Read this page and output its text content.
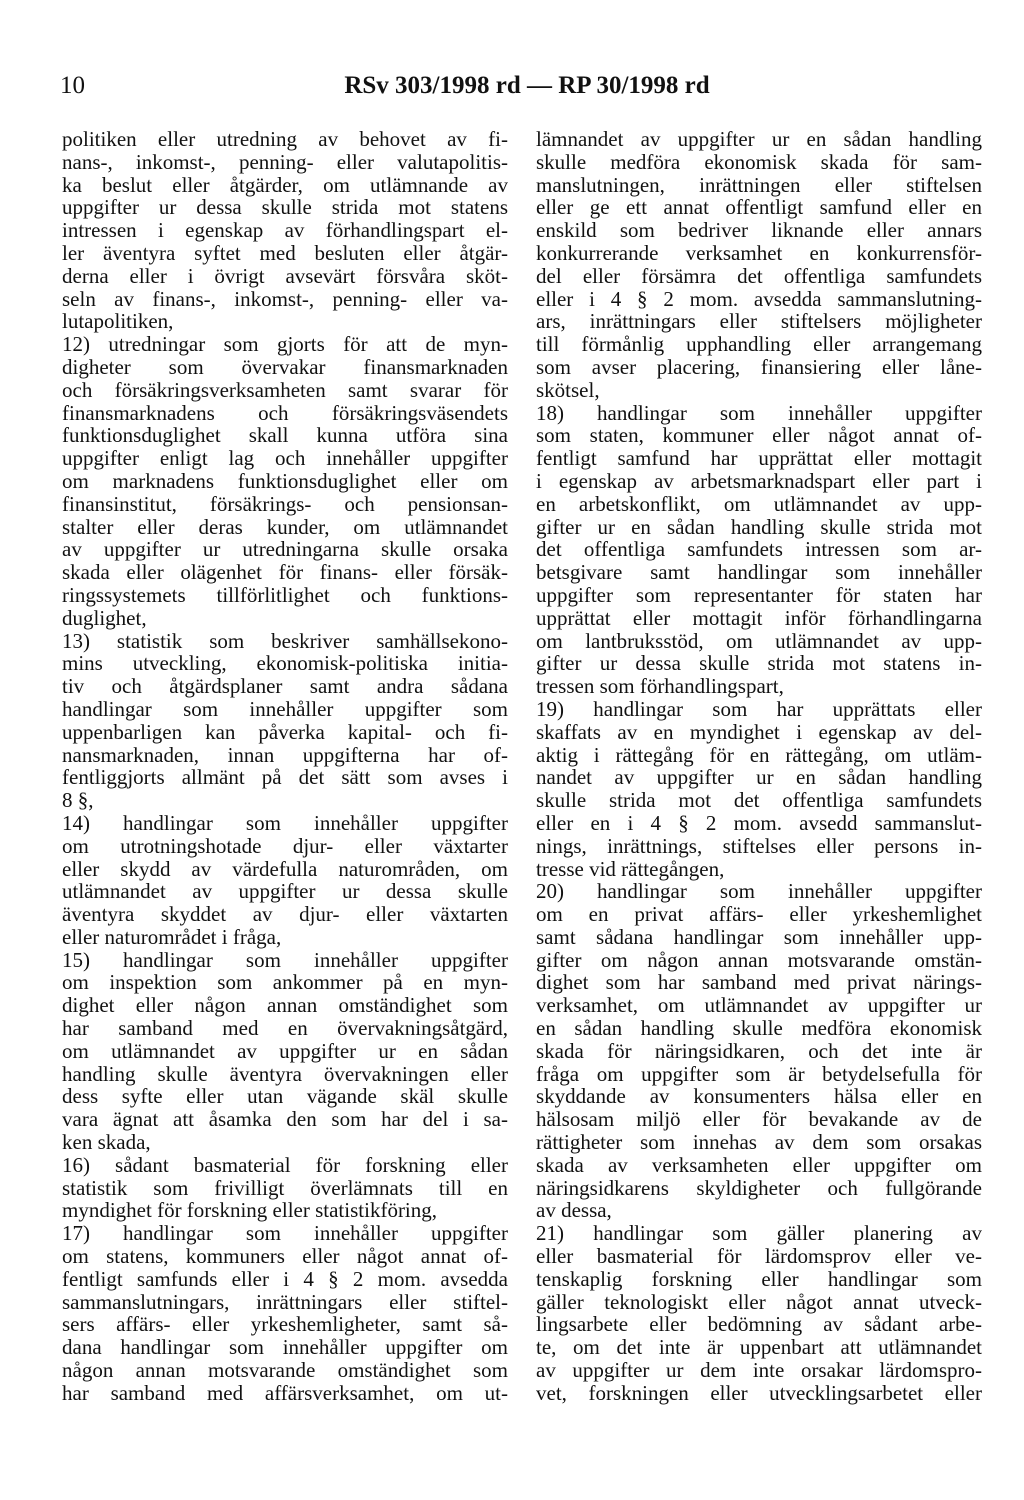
10	RSv 303/1998 rd — RP 30/1998 rd
politiken eller utredning av behovet av fi-
nans-, inkomst-, penning- eller valutapolitis-
ka beslut eller åtgärder, om utlämnande av
uppgifter ur dessa skulle strida mot statens
intressen i egenskap av förhandlingspart el-
ler äventyra syftet med besluten eller åtgär-
derna eller i övrigt avsevärt försvåra sköt-
seln av finans-, inkomst-, penning- eller va-
lutapolitiken,
12) utredningar som gjorts för att de myn-
digheter som övervakar finansmarknaden
och försäkringsverksamheten samt svarar för
finansmarknadens och försäkringsväsendets
funktionsduglighet skall kunna utföra sina
uppgifter enligt lag och innehåller uppgifter
om marknadens funktionsduglighet eller om
finansinstitut, försäkrings- och pensionsan-
stalter eller deras kunder, om utlämnandet
av uppgifter ur utredningarna skulle orsaka
skada eller olägenhet för finans- eller försäk-
ringssystemets tillförlitlighet och funktions-
duglighet,
13) statistik som beskriver samhällsekono-
mins utveckling, ekonomisk-politiska initia-
tiv och åtgärdsplaner samt andra sådana
handlingar som innehåller uppgifter som
uppenbarligen kan påverka kapital- och fi-
nansmarknaden, innan uppgifterna har of-
fentliggjorts allmänt på det sätt som avses i
8 §,
14) handlingar som innehåller uppgifter
om utrotningshotade djur- eller växtarter
eller skydd av värdefulla naturområden, om
utlämnandet av uppgifter ur dessa skulle
äventyra skyddet av djur- eller växtarten
eller naturområdet i fråga,
15) handlingar som innehåller uppgifter
om inspektion som ankommer på en myn-
dighet eller någon annan omständighet som
har samband med en övervakningsåtgärd,
om utlämnandet av uppgifter ur en sådan
handling skulle äventyra övervakningen eller
dess syfte eller utan vägande skäl skulle
vara ägnat att åsamka den som har del i sa-
ken skada,
16) sådant basmaterial för forskning eller
statistik som frivilligt överlämnats till en
myndighet för forskning eller statistikföring,
17) handlingar som innehåller uppgifter
om statens, kommuners eller något annat of-
fentligt samfunds eller i 4 § 2 mom. avsedda
sammanslutningars, inrättningars eller stiftel-
sers affärs- eller yrkeshemligheter, samt så-
dana handlingar som innehåller uppgifter om
någon annan motsvarande omständighet som
har samband med affärsverksamhet, om ut-
lämnandet av uppgifter ur en sådan handling
skulle medföra ekonomisk skada för sam-
manslutningen, inrättningen eller stiftelsen
eller ge ett annat offentligt samfund eller en
enskild som bedriver liknande eller annars
konkurrerande verksamhet en konkurrensför-
del eller försämra det offentliga samfundets
eller i 4 § 2 mom. avsedda sammanslutning-
ars, inrättningars eller stiftelsers möjligheter
till förmånlig upphandling eller arrangemang
som avser placering, finansiering eller låne-
skötsel,
18) handlingar som innehåller uppgifter
som staten, kommuner eller något annat of-
fentligt samfund har upprättat eller mottagit
i egenskap av arbetsmarknadspart eller part i
en arbetskonflikt, om utlämnandet av upp-
gifter ur en sådan handling skulle strida mot
det offentliga samfundets intressen som ar-
betsgivare samt handlingar som innehåller
uppgifter som representanter för staten har
upprättat eller mottagit inför förhandlingarna
om lantbruksstöd, om utlämnandet av upp-
gifter ur dessa skulle strida mot statens in-
tressen som förhandlingspart,
19) handlingar som har upprättats eller
skaffats av en myndighet i egenskap av del-
aktig i rättegång för en rättegång, om utläm-
nandet av uppgifter ur en sådan handling
skulle strida mot det offentliga samfundets
eller en i 4 § 2 mom. avsedd sammanslut-
nings, inrättnings, stiftelses eller persons in-
tresse vid rättegången,
20) handlingar som innehåller uppgifter
om en privat affärs- eller yrkeshemlighet
samt sådana handlingar som innehåller upp-
gifter om någon annan motsvarande omstän-
dighet som har samband med privat närings-
verksamhet, om utlämnandet av uppgifter ur
en sådan handling skulle medföra ekonomisk
skada för näringsidkaren, och det inte är
fråga om uppgifter som är betydelsefulla för
skyddande av konsumenters hälsa eller en
hälsosam miljö eller för bevakande av de
rättigheter som innehas av dem som orsakas
skada av verksamheten eller uppgifter om
näringsidkarens skyldigheter och fullgörande
av dessa,
21) handlingar som gäller planering av
eller basmaterial för lärdomsprov eller ve-
tenskaplig forskning eller handlingar som
gäller teknologiskt eller något annat utveck-
lingsarbete eller bedömning av sådant arbe-
te, om det inte är uppenbart att utlämnandet
av uppgifter ur dem inte orsakar lärdomspro-
vet, forskningen eller utvecklingsarbetet eller
